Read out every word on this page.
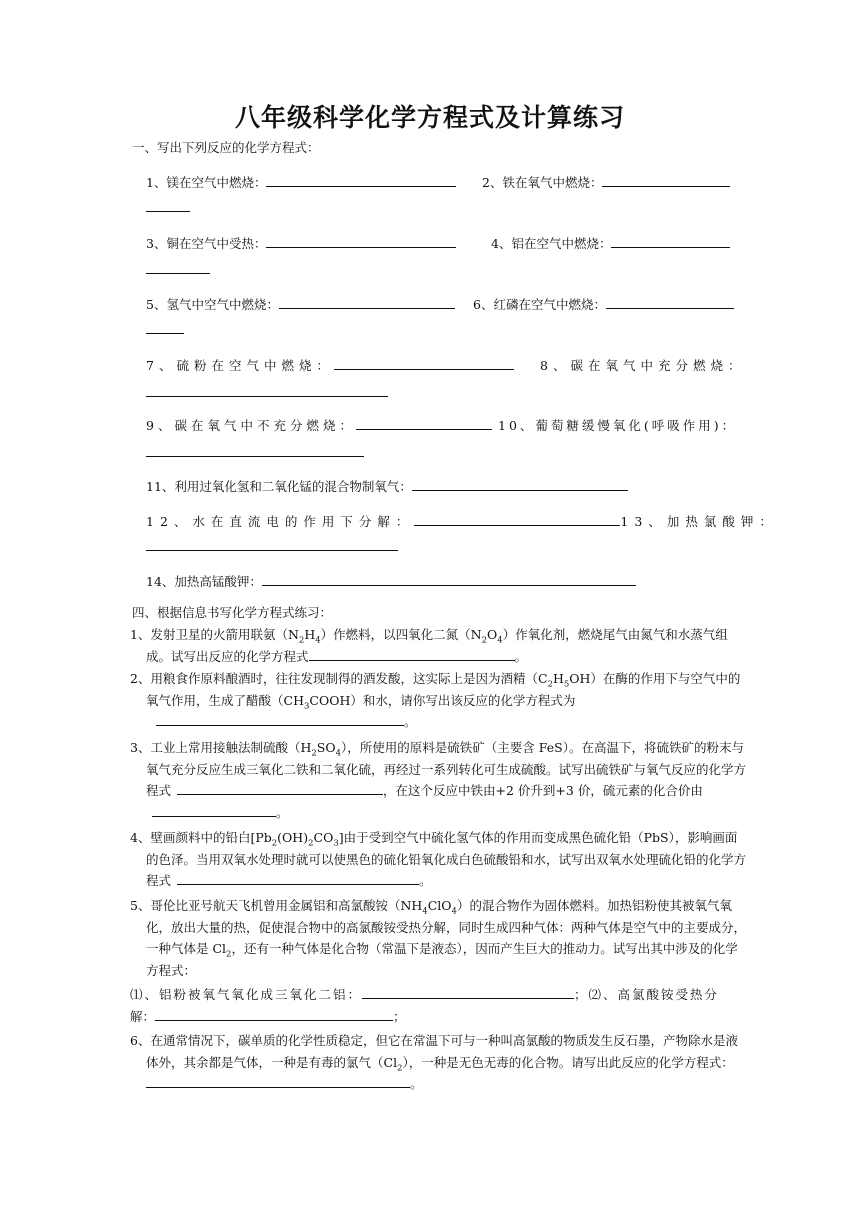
八年级科学化学方程式及计算练习
一、写出下列反应的化学方程式：
1、镁在空气中燃烧：	2、铁在氧气中燃烧：
3、铜在空气中受热：	4、铝在空气中燃烧：
5、氢气中空气中燃烧：	6、红磷在空气中燃烧：
7、硫粉在空气中燃烧：	8、碳在氧气中充分燃烧：
9、碳在氧气中不充分燃烧：	10、葡萄糖缓慢氧化(呼吸作用)：
11、利用过氧化氢和二氧化锰的混合物制氧气：
12、水在直流电的作用下分解：	13、加热氯酸钾：
14、加热高锰酸钾：
四、根据信息书写化学方程式练习：
1、发射卫星的火箭用联氨$(N_2H_4)$作燃料，以四氧化二氮$(N_2O_4)$作氧化剂，燃烧尾气由氮气和水蒸气组成。试写出反应的化学方程式	。
2、用粮食作原料酿酒时，往往发现制得的酒发酸，这实际上是因为酒精$(C_2H_5OH)$在酶的作用下与空气中的氧气作用，生成了醋酸$(CH_3COOH)$和水，请你写出该反应的化学方程式为。
3、工业上常用接触法制硫酸$(H_2SO_4)$，所使用的原料是硫铁矿（主要含 FeS）。在高温下，将硫铁矿的粉末与氧气充分反应生成三氧化二铁和二氧化硫，再经过一系列转化可生成硫酸。试写出硫铁矿与氧气反应的化学方程式	，在这个反应中铁由+2 价升到+3 价，硫元素的化合价由。
4、壁画颜料中的铅白$[Pb_2(OH)_2CO_3]$由于受到空气中硫化氢气体的作用而变成黑色硫化铅（PbS），影响画面的色泽。当用双氧水处理时就可以使黑色的硫化铅氧化成白色硫酸铅和水，试写出双氧水处理硫化铅的化学方程式	。
5、哥伦比亚号航天飞机曾用金属铝和高氯酸铵$(NH_4ClO_4)$的混合物作为固体燃料。加热铝粉使其被氧气氧化，放出大量的热，促使混合物中的高氯酸铵受热分解，同时生成四种气体：两种气体是空气中的主要成分，一种气体是 $Cl_2$，还有一种气体是化合物（常温下是液态），因而产生巨大的推动力。试写出其中涉及的化学方程式：
⑴、铝粉被氧气氧化成三氧化二铝：	；⑵、高氯酸铵受热分
解：	；
6、在通常情况下，碳单质的化学性质稳定，但它在常温下可与一种叫高氯酸的物质发生反石墨，产物除水是液体外，其余都是气体，一种是有毒的氯气$(Cl_2)$，一种是无色无毒的化合物。请写出此反应的化学方程式：。
